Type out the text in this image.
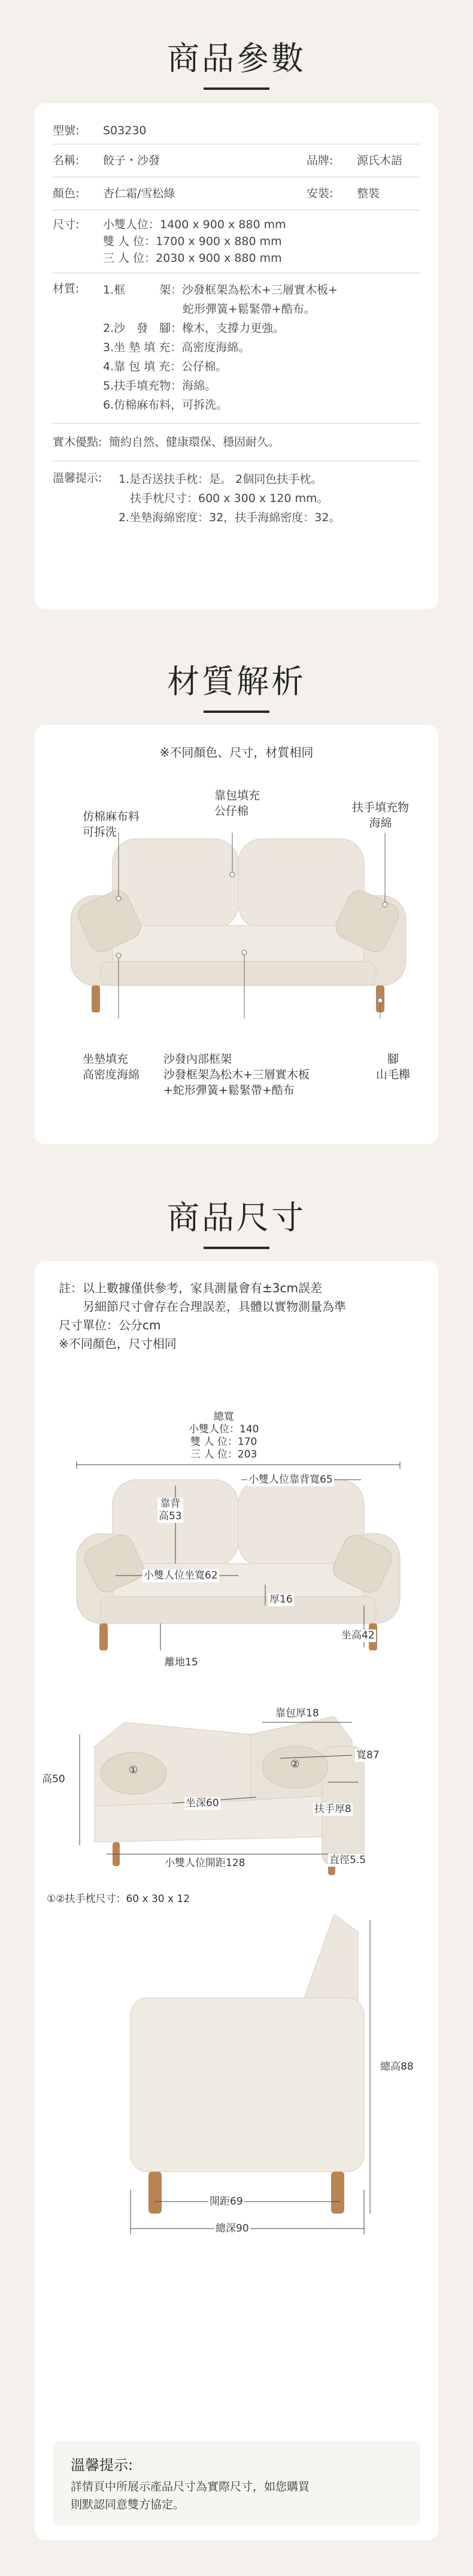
商品參數
型號:	S03230
名稱:	餃子・沙發	品牌:	源氏木語
顏色:	杏仁霜/雪松綠	安裝:	整裝
尺寸:	小雙人位：1400 x 900 x 880 mm
雙 人 位：1700 x 900 x 880 mm
三 人 位：2030 x 900 x 880 mm
材質:	1.框　　　架：沙發框架為松木+三層實木板+
　　　　　　　蛇形彈簧+鬆緊帶+酷布。
2.沙　發　腳：橡木，支撐力更強。
3.坐 墊 填 充：高密度海綿。
4.靠 包 填 充：公仔棉。
5.扶手填充物：海綿。
6.仿棉麻布料，可拆洗。
實木優點: 簡約自然、健康環保、穩固耐久。
溫馨提示:	1.是否送扶手枕：是。 2個同色扶手枕。
　扶手枕尺寸：600 x 300 x 120 mm。
2.坐墊海綿密度：32，扶手海綿密度：32。
材質解析
※不同顏色、尺寸，材質相同
仿棉麻布料
可拆洗
靠包填充
公仔棉	扶手填充物
海綿
坐墊填充
高密度海綿
沙發內部框架
沙發框架為松木+三層實木板
+蛇形彈簧+鬆緊帶+酷布
腳
山毛櫸
商品尺寸
註：以上數據僅供參考，家具測量會有±3cm誤差
　　另細節尺寸會存在合理誤差，具體以實物測量為準
尺寸單位：公分cm
※不同顏色，尺寸相同
總寬
小雙人位：140
雙 人 位：170
三 人 位：203
靠背
高53
小雙人位靠背寬65
小雙人位坐寬62
厚16
坐高42
離地15
靠包厚18
寬87
坐深60	扶手厚8
高50
小雙人位開距128	直徑5.5
①	②
①②扶手枕尺寸：60 x 30 x 12
總高88
開距69
總深90
溫馨提示:
詳情頁中所展示產品尺寸為實際尺寸，如您購買
則默認同意雙方協定。
